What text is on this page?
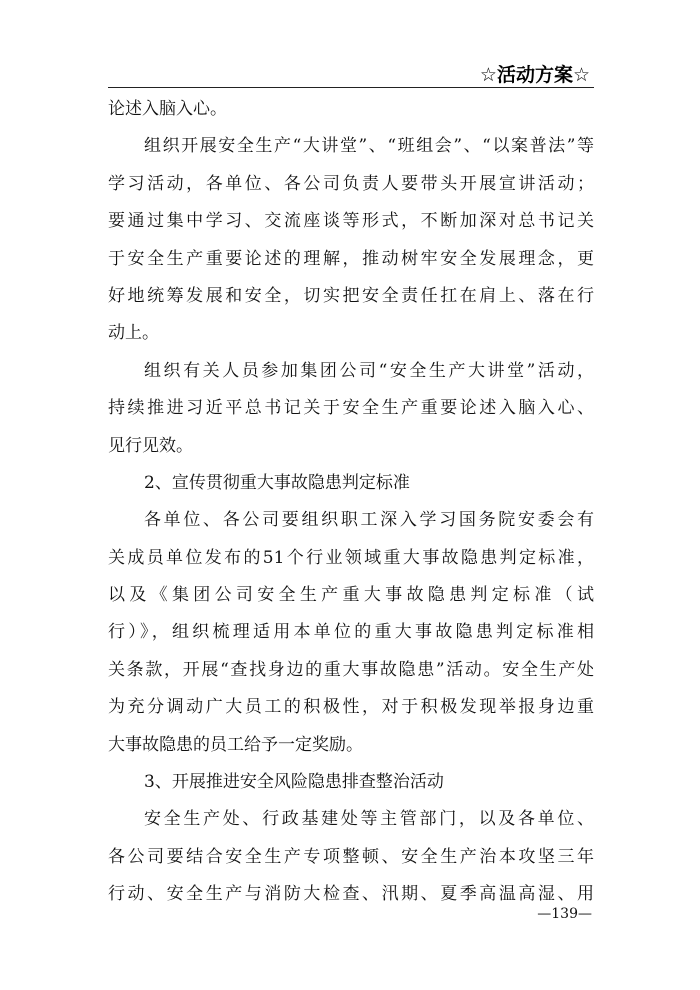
☆活动方案☆
论述入脑入心。
组织开展安全生产“大讲堂”、“班组会”、“以案普法”等
学习活动，各单位、各公司负责人要带头开展宣讲活动；
要通过集中学习、交流座谈等形式，不断加深对总书记关
于安全生产重要论述的理解，推动树牢安全发展理念，更
好地统筹发展和安全，切实把安全责任扛在肩上、落在行
动上。
组织有关人员参加集团公司“安全生产大讲堂”活动，
持续推进习近平总书记关于安全生产重要论述入脑入心、
见行见效。
2、宣传贯彻重大事故隐患判定标准
各单位、各公司要组织职工深入学习国务院安委会有
关成员单位发布的51个行业领域重大事故隐患判定标准，
以及《集团公司安全生产重大事故隐患判定标准（试
行）》，组织梳理适用本单位的重大事故隐患判定标准相
关条款，开展“查找身边的重大事故隐患”活动。安全生产处
为充分调动广大员工的积极性，对于积极发现举报身边重
大事故隐患的员工给予一定奖励。
3、开展推进安全风险隐患排查整治活动
安全生产处、行政基建处等主管部门，以及各单位、
各公司要结合安全生产专项整顿、安全生产治本攻坚三年
行动、安全生产与消防大检查、汛期、夏季高温高湿、用
—139—
